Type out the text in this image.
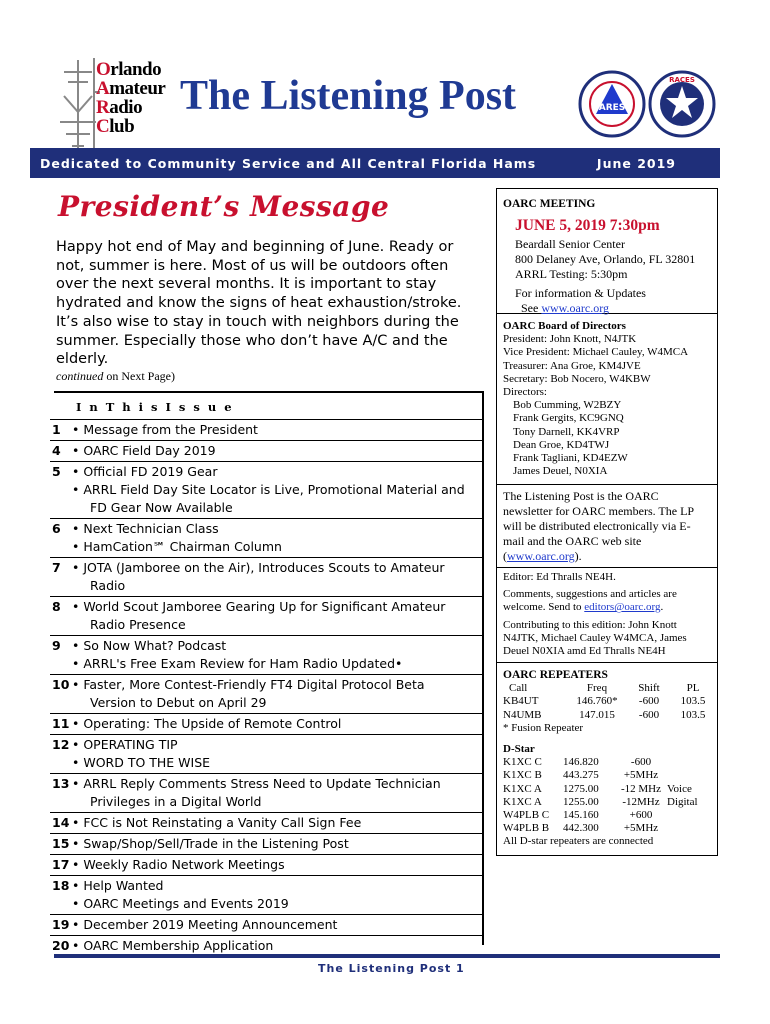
Orlando
Amateur
Radio
Club
The Listening Post	ARES
RACES
Dedicated to Community Service and All Central Florida Hams	June 2019
President’s Message
Happy hot end of May and beginning of June. Ready or not, summer is here. Most of us will be outdoors often over the next several months. It is important to stay hydrated and know the signs of heat exhaustion/stroke. It’s also wise to stay in touch with neighbors during the summer. Especially those who don’t have A/C and the elderly.
continued on Next Page)
I n T h i s I s s u e
1 • Message from the President
4 • OARC Field Day 2019
5 • Official FD 2019 Gear
• ARRL Field Day Site Locator is Live, Promotional Material and
FD Gear Now Available
6 • Next Technician Class
• HamCation℠ Chairman Column
7 • JOTA (Jamboree on the Air), Introduces Scouts to Amateur
Radio
8 • World Scout Jamboree Gearing Up for Significant Amateur
Radio Presence
9 • So Now What? Podcast
• ARRL's Free Exam Review for Ham Radio Updated•
10 • Faster, More Contest-Friendly FT4 Digital Protocol Beta
Version to Debut on April 29
11 • Operating: The Upside of Remote Control
12 • OPERATING TIP
• WORD TO THE WISE
13 • ARRL Reply Comments Stress Need to Update Technician
Privileges in a Digital World
14 • FCC is Not Reinstating a Vanity Call Sign Fee
15 • Swap/Shop/Sell/Trade in the Listening Post
17 • Weekly Radio Network Meetings
18 • Help Wanted
• OARC Meetings and Events 2019
19 • December 2019 Meeting Announcement
20 • OARC Membership Application
The Listening Post 1
OARC MEETING
JUNE 5, 2019 7:30pm
Beardall Senior Center
800 Delaney Ave, Orlando, FL 32801
ARRL Testing: 5:30pm
For information & Updates
See www.oarc.org
OARC Board of Directors
President: John Knott, N4JTK
Vice President: Michael Cauley, W4MCA
Treasurer: Ana Groe, KM4JVE
Secretary: Bob Nocero, W4KBW
Directors:
Bob Cumming, W2BZY
Frank Gergits, KC9GNQ
Tony Darnell, KK4VRP
Dean Groe, KD4TWJ
Frank Tagliani, KD4EZW
James Deuel, N0XIA
The Listening Post is the OARC newsletter for OARC members. The LP will be distributed electronically via E-mail and the OARC web site (www.oarc.org).
Editor: Ed Thralls NE4H.
Comments, suggestions and articles are welcome. Send to editors@oarc.org.
Contributing to this edition: John Knott N4JTK, Michael Cauley W4MCA, James Deuel N0XIA amd Ed Thralls NE4H
OARC REPEATERS
Call	Freq	Shift	PL
KB4UT	146.760*	-600	103.5
N4UMB	147.015	-600	103.5
* Fusion Repeater
D-Star
K1XC C	146.820	-600	
K1XC B	443.275	+5MHz	
K1XC A	1275.00	-12 MHz	Voice
K1XC A	1255.00	-12MHz	Digital
W4PLB C	145.160	+600	
W4PLB B	442.300	+5MHz	
All D-star repeaters are connected
